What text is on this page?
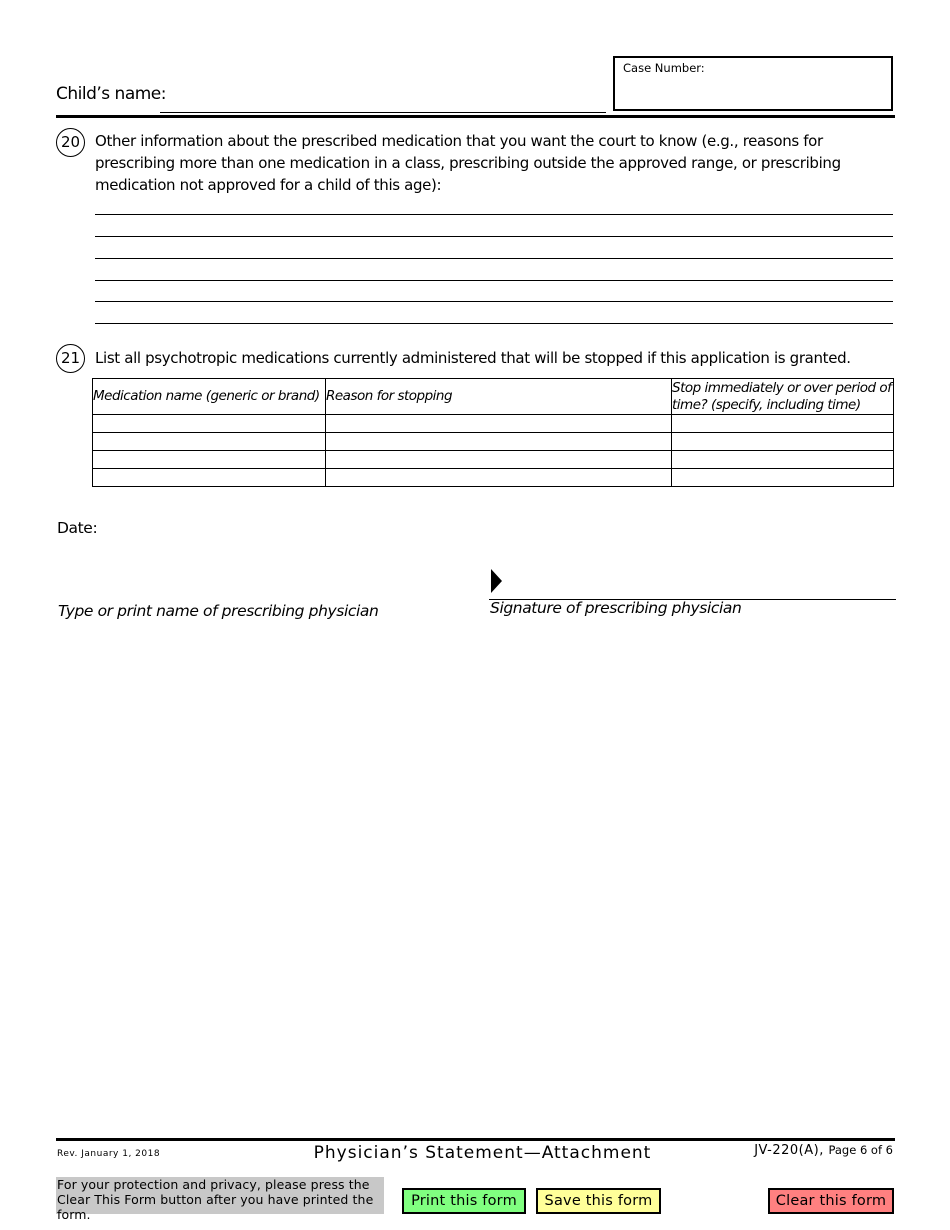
Child’s name:
Case Number:
20 Other information about the prescribed medication that you want the court to know (e.g., reasons for prescribing more than one medication in a class, prescribing outside the approved range, or prescribing medication not approved for a child of this age):
21 List all psychotropic medications currently administered that will be stopped if this application is granted.
Medication name (generic or brand)	Reason for stopping	Stop immediately or over period of time? (specify, including time)

Date:
Type or print name of prescribing physician	Signature of prescribing physician
Rev. January 1, 2018	Physician’s Statement—Attachment	JV-220(A), Page 6 of 6
For your protection and privacy, please press the Clear This Form button after you have printed the form.
Print this form	Save this form	Clear this form
